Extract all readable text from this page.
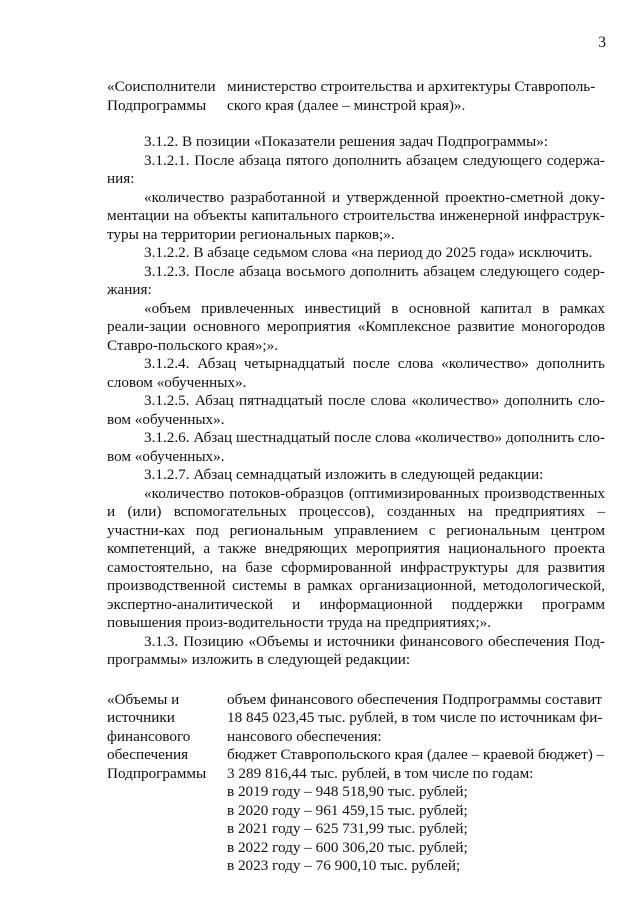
3
«Соисполнители
Подпрограммы
министерство строительства и архитектуры Ставрополь-
ского края (далее – минстрой края)».

3.1.2. В позиции «Показатели решения задач Подпрограммы»:

3.1.2.1. После абзаца пятого дополнить абзацем следующего содержа-ния:

«количество разработанной и утвержденной проектно-сметной доку-ментации на объекты капитального строительства инженерной инфраструк-туры на территории региональных парков;».

3.1.2.2. В абзаце седьмом слова «на период до 2025 года» исключить.

3.1.2.3. После абзаца восьмого дополнить абзацем следующего содер-жания:

«объем привлеченных инвестиций в основной капитал в рамках реали-зации основного мероприятия «Комплексное развитие моногородов Ставро-польского края»;».

3.1.2.4. Абзац четырнадцатый после слова «количество» дополнить словом «обученных».

3.1.2.5. Абзац пятнадцатый после слова «количество» дополнить сло-вом «обученных».

3.1.2.6. Абзац шестнадцатый после слова «количество» дополнить сло-вом «обученных».

3.1.2.7. Абзац семнадцатый изложить в следующей редакции:

«количество потоков-образцов (оптимизированных производственных и (или) вспомогательных процессов), созданных на предприятиях – участни-ках под региональным управлением с региональным центром компетенций, а также внедряющих мероприятия национального проекта самостоятельно, на базе сформированной инфраструктуры для развития производственной системы в рамках организационной, методологической, экспертно-аналитической и информационной поддержки программ повышения произ-водительности труда на предприятиях;».

3.1.3. Позицию «Объемы и источники финансового обеспечения Под-программы» изложить в следующей редакции:

«Объемы и
источники
финансового
обеспечения
Подпрограммы
объем финансового обеспечения Подпрограммы составит
18 845 023,45 тыс. рублей, в том числе по источникам фи-
нансового обеспечения:
бюджет Ставропольского края (далее – краевой бюджет) –
3 289 816,44 тыс. рублей, в том числе по годам:
в 2019 году – 948 518,90 тыс. рублей;
в 2020 году – 961 459,15 тыс. рублей;
в 2021 году – 625 731,99 тыс. рублей;
в 2022 году – 600 306,20 тыс. рублей;
в 2023 году – 76 900,10 тыс. рублей;
